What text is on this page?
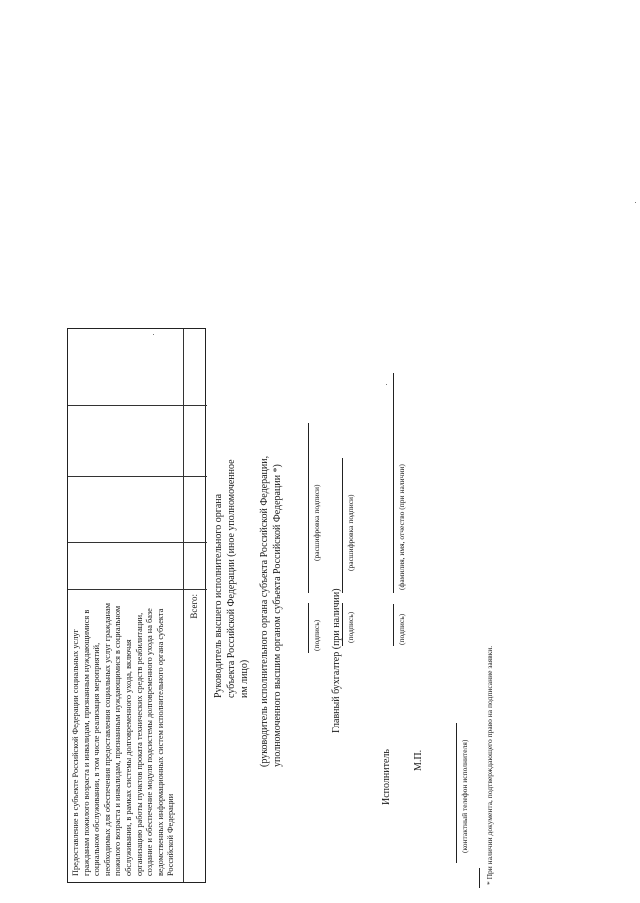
Предоставление в субъекте Российской Федерации социальных услуг гражданам пожилого возраста и инвалидам, признанным нуждающимися в социальном обслуживании, в том числе реализация мероприятий, необходимых для обеспечения предоставления социальных услуг гражданам пожилого возраста и инвалидам, признанным нуждающимися в социальном обслуживании, в рамках системы долговременного ухода, включая организацию работы пунктов проката технических средств реабилитации, создание и обеспечение модуля подсистемы долговременного ухода на базе ведомственных информационных систем исполнительного органа субъекта Российской Федерации
Всего: Руководитель высшего исполнительного органа субъекта Российской Федерации (иное уполномоченное им лицо) (руководитель исполнительного органа субъекта Российской Федерации, уполномоченного высшим органом субъекта Российской Федерации *)	(подпись)
(расшифровка подписи)
Главный бухгалтер (при наличии) (подпись)
(расшифровка подписи)
Исполнитель
(подпись)
(фамилия, имя, отчество (при наличии)
М.П.	(контактный телефон исполнителя) * При наличии документа, подтверждающего право на подписание заявки.
